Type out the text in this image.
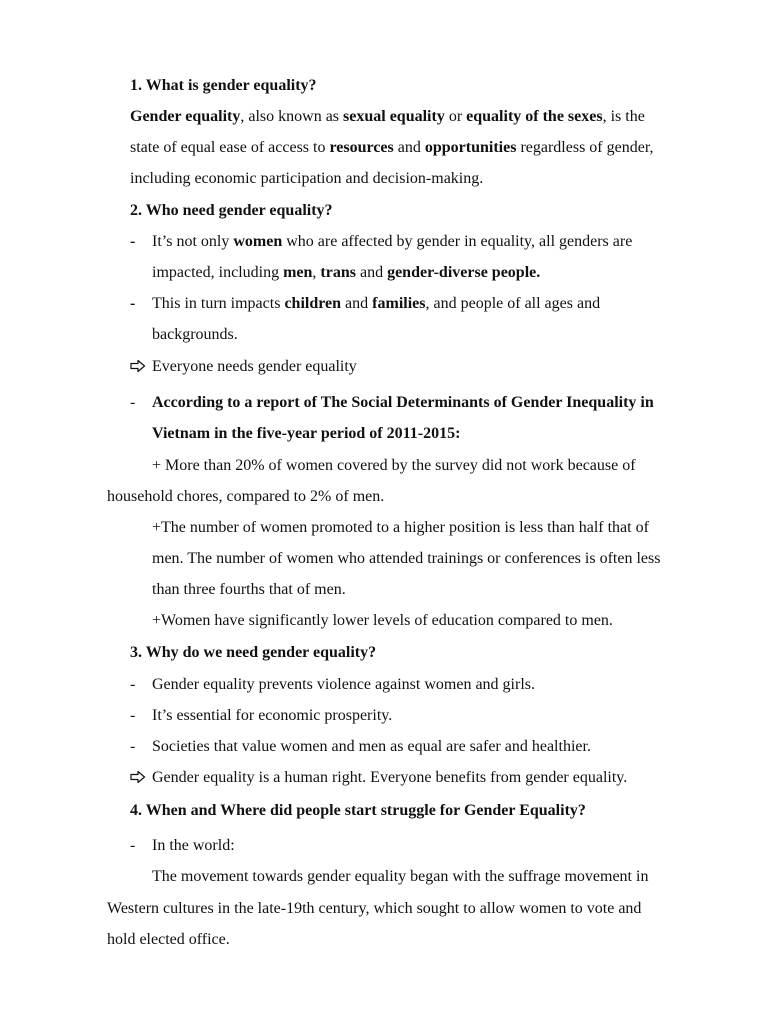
1. What is gender equality?
Gender equality, also known as sexual equality or equality of the sexes, is the
state of equal ease of access to resources and opportunities regardless of gender,
including economic participation and decision-making.
2. Who need gender equality?
- It’s not only women who are affected by gender in equality, all genders are
impacted, including men, trans and gender-diverse people.
- This in turn impacts children and families, and people of all ages and
backgrounds.
Everyone needs gender equality
- According to a report of The Social Determinants of Gender Inequality in
Vietnam in the five-year period of 2011-2015:
+ More than 20% of women covered by the survey did not work because of
household chores, compared to 2% of men.
+The number of women promoted to a higher position is less than half that of
men. The number of women who attended trainings or conferences is often less
than three fourths that of men.
+Women have significantly lower levels of education compared to men.
3. Why do we need gender equality?
- Gender equality prevents violence against women and girls.
- It’s essential for economic prosperity.
- Societies that value women and men as equal are safer and healthier.
Gender equality is a human right. Everyone benefits from gender equality.
4. When and Where did people start struggle for Gender Equality?
- In the world:
The movement towards gender equality began with the suffrage movement in
Western cultures in the late-19th century, which sought to allow women to vote and
hold elected office.
